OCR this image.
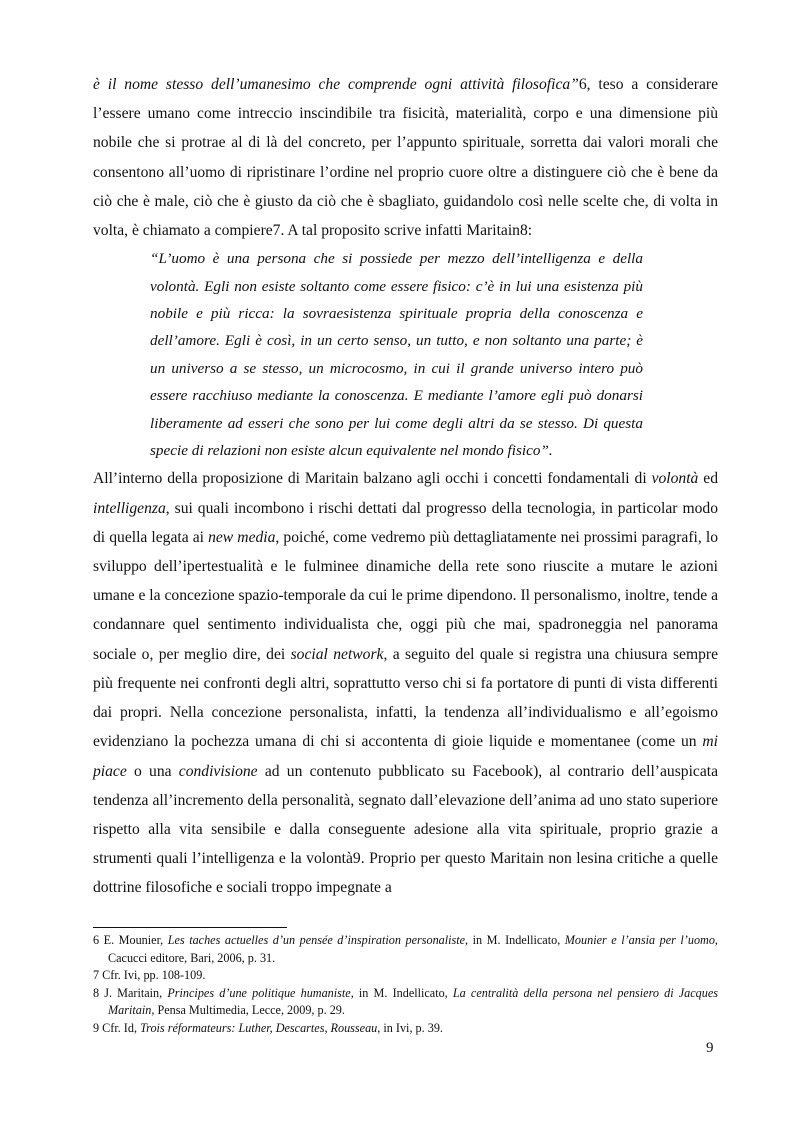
è il nome stesso dell’umanesimo che comprende ogni attività filosofica”6, teso a considerare l’essere umano come intreccio inscindibile tra fisicità, materialità, corpo e una dimensione più nobile che si protrae al di là del concreto, per l’appunto spirituale, sorretta dai valori morali che consentono all’uomo di ripristinare l’ordine nel proprio cuore oltre a distinguere ciò che è bene da ciò che è male, ciò che è giusto da ciò che è sbagliato, guidandolo così nelle scelte che, di volta in volta, è chiamato a compiere7. A tal proposito scrive infatti Maritain8:

“L’uomo è una persona che si possiede per mezzo dell’intelligenza e della volontà. Egli non esiste soltanto come essere fisico: c’è in lui una esistenza più nobile e più ricca: la sovraesistenza spirituale propria della conoscenza e dell’amore. Egli è così, in un certo senso, un tutto, e non soltanto una parte; è un universo a se stesso, un microcosmo, in cui il grande universo intero può essere racchiuso mediante la conoscenza. E mediante l’amore egli può donarsi liberamente ad esseri che sono per lui come degli altri da se stesso. Di questa specie di relazioni non esiste alcun equivalente nel mondo fisico”.

All’interno della proposizione di Maritain balzano agli occhi i concetti fondamentali di volontà ed intelligenza, sui quali incombono i rischi dettati dal progresso della tecnologia, in particolar modo di quella legata ai new media, poiché, come vedremo più dettagliatamente nei prossimi paragrafi, lo sviluppo dell’ipertestualità e le fulminee dinamiche della rete sono riuscite a mutare le azioni umane e la concezione spazio-temporale da cui le prime dipendono. Il personalismo, inoltre, tende a condannare quel sentimento individualista che, oggi più che mai, spadroneggia nel panorama sociale o, per meglio dire, dei social network, a seguito del quale si registra una chiusura sempre più frequente nei confronti degli altri, soprattutto verso chi si fa portatore di punti di vista differenti dai propri. Nella concezione personalista, infatti, la tendenza all’individualismo e all’egoismo evidenziano la pochezza umana di chi si accontenta di gioie liquide e momentanee (come un mi piace o una condivisione ad un contenuto pubblicato su Facebook), al contrario dell’auspicata tendenza all’incremento della personalità, segnato dall’elevazione dell’anima ad uno stato superiore rispetto alla vita sensibile e dalla conseguente adesione alla vita spirituale, proprio grazie a strumenti quali l’intelligenza e la volontà9. Proprio per questo Maritain non lesina critiche a quelle dottrine filosofiche e sociali troppo impegnate a

6 E. Mounier, Les taches actuelles d’un pensée d’inspiration personaliste, in M. Indellicato, Mounier e l’ansia per l’uomo, Cacucci editore, Bari, 2006, p. 31.

7 Cfr. Ivi, pp. 108-109.

8 J. Maritain, Principes d’une politique humaniste, in M. Indellicato, La centralità della persona nel pensiero di Jacques Maritain, Pensa Multimedia, Lecce, 2009, p. 29.

9 Cfr. Id, Trois réformateurs: Luther, Descartes, Rousseau, in Ivi, p. 39.

9
